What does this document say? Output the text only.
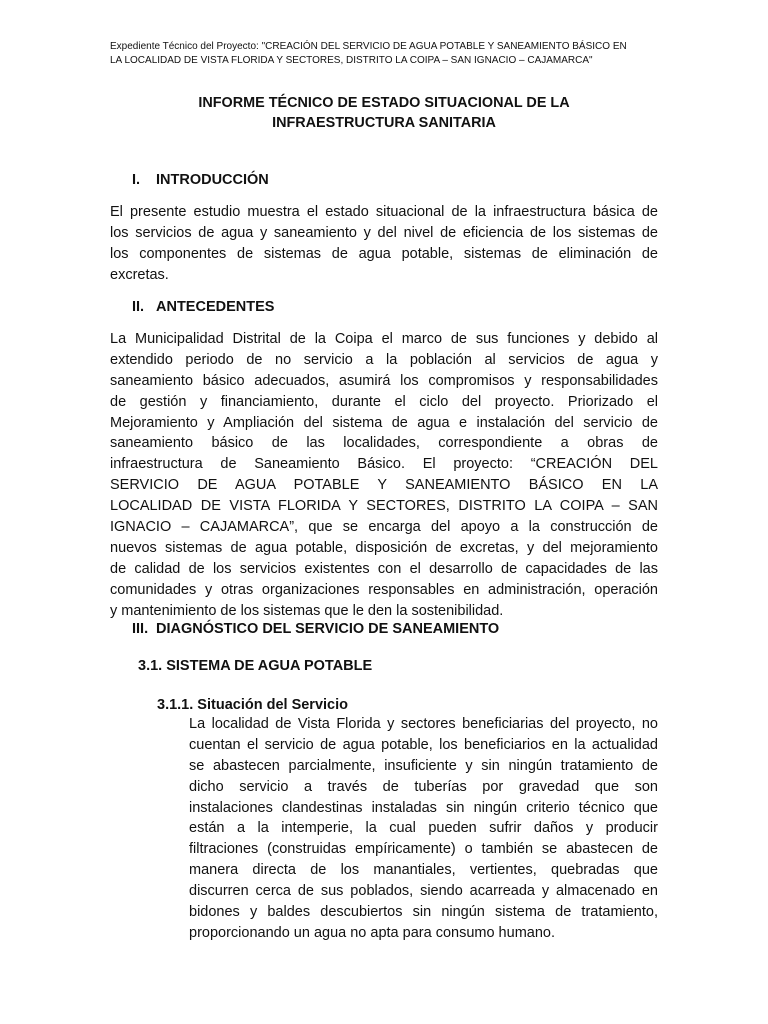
Expediente Técnico del Proyecto: "CREACIÓN DEL SERVICIO DE AGUA POTABLE Y SANEAMIENTO BÁSICO EN
LA LOCALIDAD DE VISTA FLORIDA Y SECTORES, DISTRITO LA COIPA – SAN IGNACIO – CAJAMARCA"
INFORME TÉCNICO DE ESTADO SITUACIONAL DE LA
INFRAESTRUCTURA SANITARIA
I. INTRODUCCIÓN
El presente estudio muestra el estado situacional de la infraestructura básica de
los servicios de agua y saneamiento y del nivel de eficiencia de los sistemas de
los componentes de sistemas de agua potable, sistemas de eliminación de
excretas.
II. ANTECEDENTES
La Municipalidad Distrital de la Coipa el marco de sus funciones y debido al
extendido periodo de no servicio a la población al servicios de agua y
saneamiento básico adecuados, asumirá los compromisos y responsabilidades
de gestión y financiamiento, durante el ciclo del proyecto. Priorizado el
Mejoramiento y Ampliación del sistema de agua e instalación del servicio de
saneamiento básico de las localidades, correspondiente a obras de
infraestructura de Saneamiento Básico. El proyecto: “CREACIÓN DEL
SERVICIO DE AGUA POTABLE Y SANEAMIENTO BÁSICO EN LA
LOCALIDAD DE VISTA FLORIDA Y SECTORES, DISTRITO LA COIPA – SAN
IGNACIO – CAJAMARCA”, que se encarga del apoyo a la construcción de
nuevos sistemas de agua potable, disposición de excretas, y del mejoramiento
de calidad de los servicios existentes con el desarrollo de capacidades de las
comunidades y otras organizaciones responsables en administración, operación
y mantenimiento de los sistemas que le den la sostenibilidad.
III. DIAGNÓSTICO DEL SERVICIO DE SANEAMIENTO
3.1. SISTEMA DE AGUA POTABLE
3.1.1. Situación del Servicio
La localidad de Vista Florida y sectores beneficiarias del proyecto, no
cuentan el servicio de agua potable, los beneficiarios en la actualidad
se abastecen parcialmente, insuficiente y sin ningún tratamiento de
dicho servicio a través de tuberías por gravedad que son
instalaciones clandestinas instaladas sin ningún criterio técnico que
están a la intemperie, la cual pueden sufrir daños y producir
filtraciones (construidas empíricamente) o también se abastecen de
manera directa de los manantiales, vertientes, quebradas que
discurren cerca de sus poblados, siendo acarreada y almacenado en
bidones y baldes descubiertos sin ningún sistema de tratamiento,
proporcionando un agua no apta para consumo humano.
